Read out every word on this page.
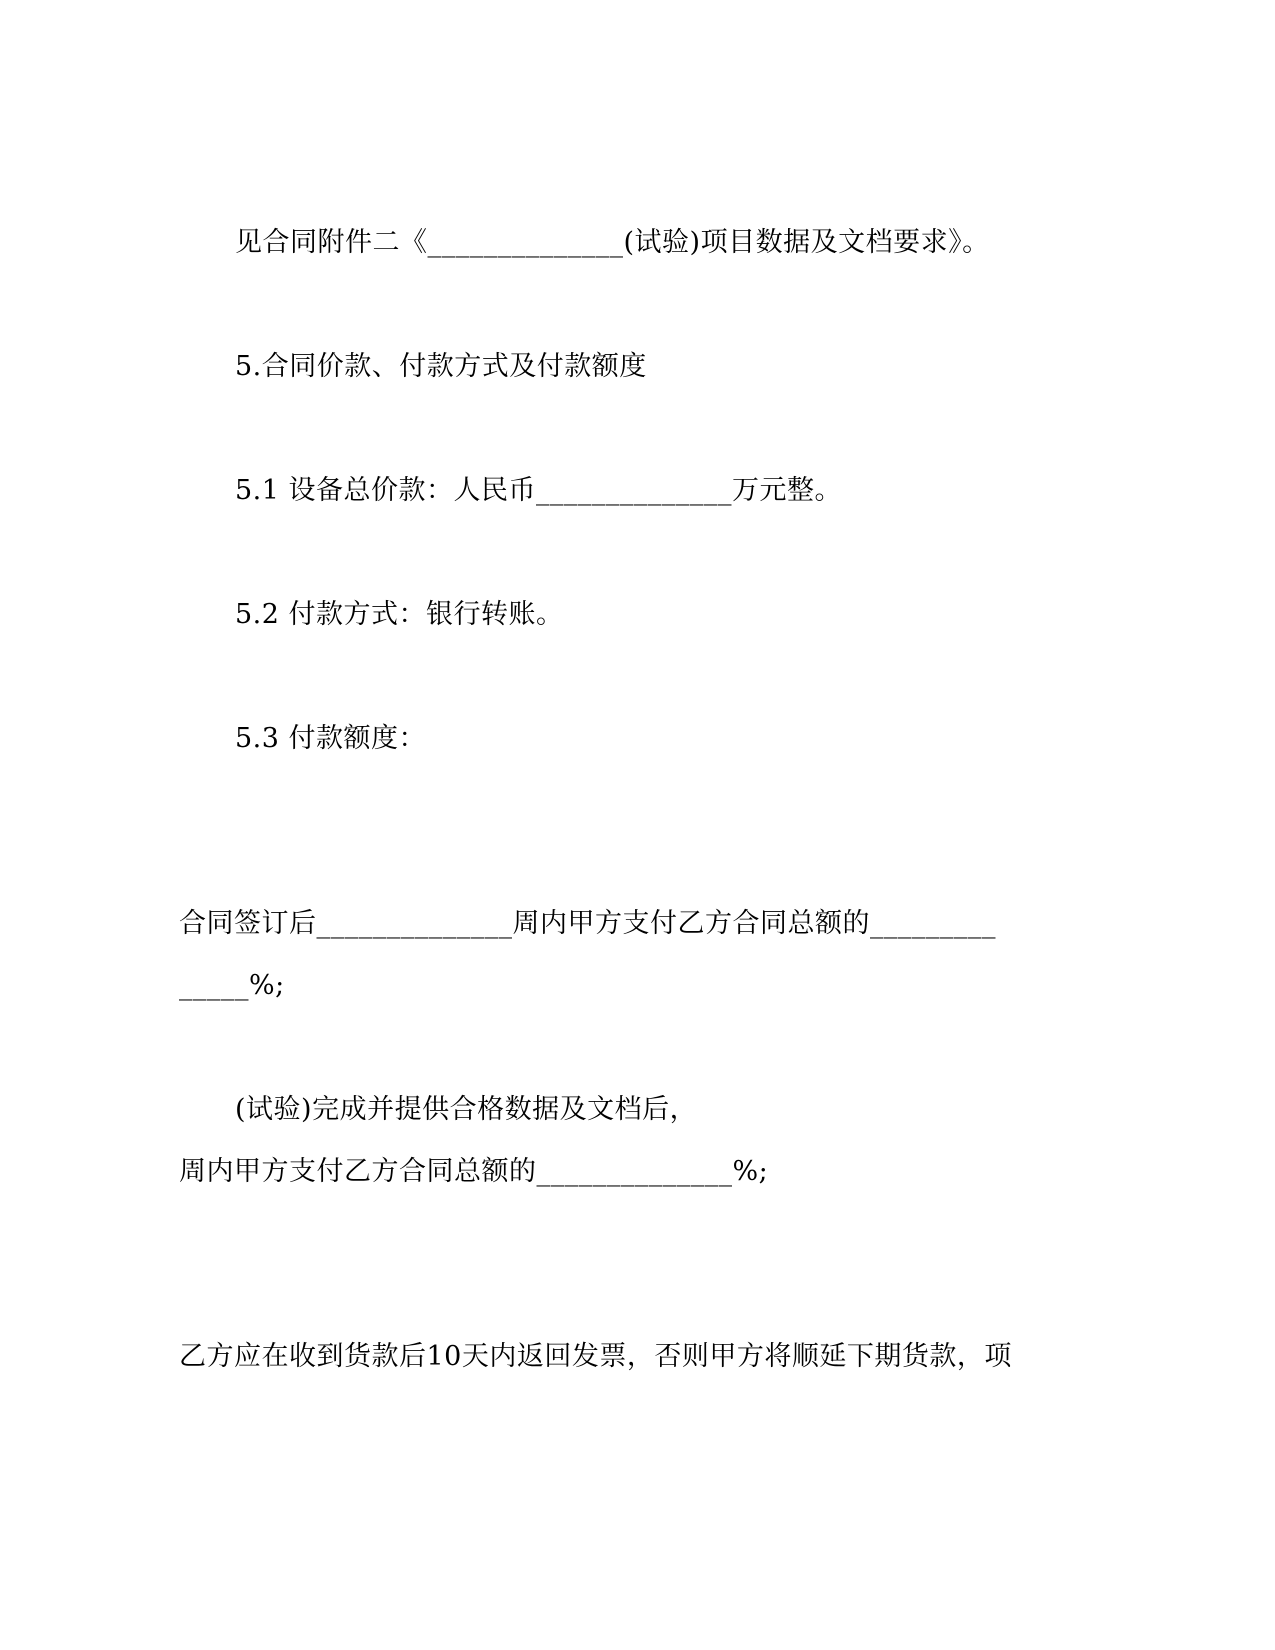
见合同附件二《______________(试验)项目数据及文档要求》。
5.合同价款、付款方式及付款额度
5.1 设备总价款：人民币______________万元整。
5.2 付款方式：银行转账。
5.3 付款额度：
合同签订后______________周内甲方支付乙方合同总额的_________
_____%;
(试验)完成并提供合格数据及文档后，
周内甲方支付乙方合同总额的______________%;
乙方应在收到货款后10天内返回发票，否则甲方将顺延下期货款，项
